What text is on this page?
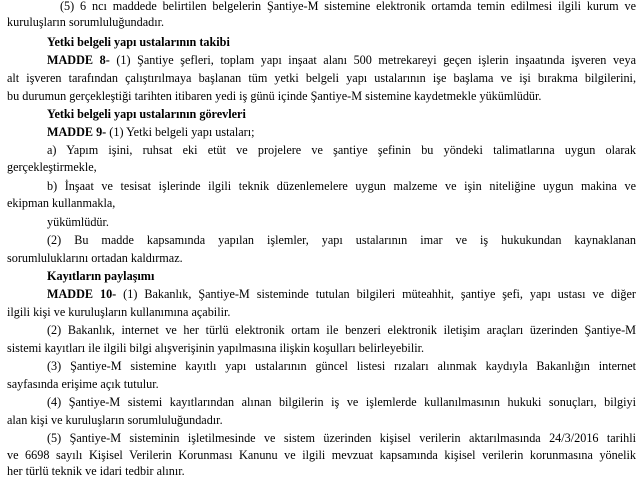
(5) 6 ncı maddede belirtilen belgelerin Şantiye-M sistemine elektronik ortamda temin edilmesi ilgili kurum ve
kuruluşların sorumluluğundadır.
Yetki belgeli yapı ustalarının takibi
MADDE 8- (1) Şantiye şefleri, toplam yapı inşaat alanı 500 metrekareyi geçen işlerin inşaatında işveren veya
alt işveren tarafından çalıştırılmaya başlanan tüm yetki belgeli yapı ustalarının işe başlama ve işi bırakma bilgilerini,
bu durumun gerçekleştiği tarihten itibaren yedi iş günü içinde Şantiye-M sistemine kaydetmekle yükümlüdür.
Yetki belgeli yapı ustalarının görevleri
MADDE 9- (1) Yetki belgeli yapı ustaları;
a) Yapım işini, ruhsat eki etüt ve projelere ve şantiye şefinin bu yöndeki talimatlarına uygun olarak
gerçekleştirmekle,
b) İnşaat ve tesisat işlerinde ilgili teknik düzenlemelere uygun malzeme ve işin niteliğine uygun makina ve
ekipman kullanmakla,
yükümlüdür.
(2) Bu madde kapsamında yapılan işlemler, yapı ustalarının imar ve iş hukukundan kaynaklanan
sorumluluklarını ortadan kaldırmaz.
Kayıtların paylaşımı
MADDE 10- (1) Bakanlık, Şantiye-M sisteminde tutulan bilgileri müteahhit, şantiye şefi, yapı ustası ve diğer
ilgili kişi ve kuruluşların kullanımına açabilir.
(2) Bakanlık, internet ve her türlü elektronik ortam ile benzeri elektronik iletişim araçları üzerinden Şantiye-M
sistemi kayıtları ile ilgili bilgi alışverişinin yapılmasına ilişkin koşulları belirleyebilir.
(3) Şantiye-M sistemine kayıtlı yapı ustalarının güncel listesi rızaları alınmak kaydıyla Bakanlığın internet
sayfasında erişime açık tutulur.
(4) Şantiye-M sistemi kayıtlarından alınan bilgilerin iş ve işlemlerde kullanılmasının hukuki sonuçları, bilgiyi
alan kişi ve kuruluşların sorumluluğundadır.
(5) Şantiye-M sisteminin işletilmesinde ve sistem üzerinden kişisel verilerin aktarılmasında 24/3/2016 tarihli
ve 6698 sayılı Kişisel Verilerin Korunması Kanunu ve ilgili mevzuat kapsamında kişisel verilerin korunmasına yönelik
her türlü teknik ve idari tedbir alınır.
